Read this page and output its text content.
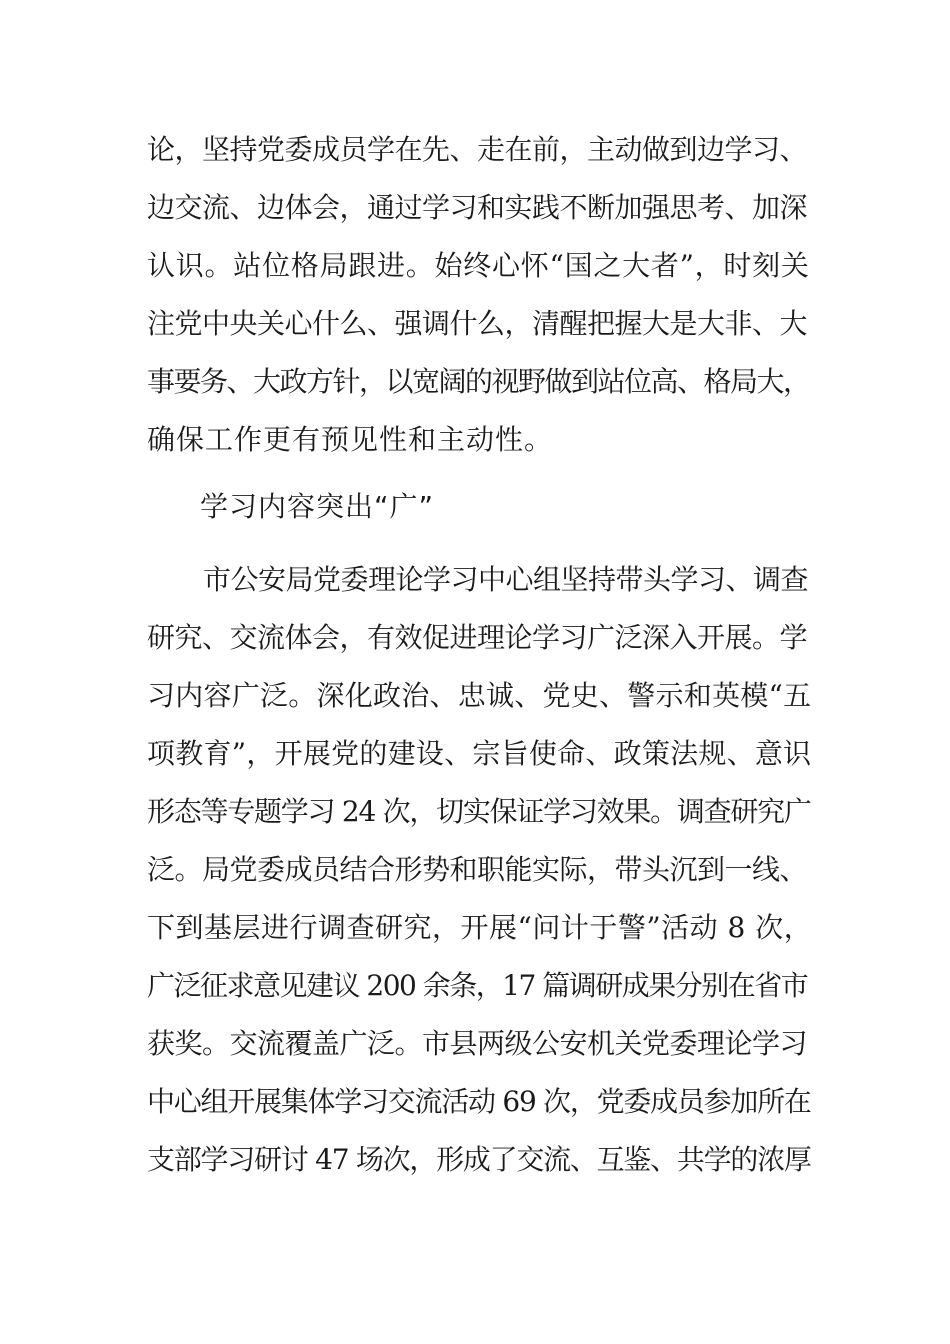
论，坚持党委成员学在先、走在前，主动做到边学习、
边交流、边体会，通过学习和实践不断加强思考、加深
认识。站位格局跟进。始终心怀“国之大者”，时刻关
注党中央关心什么、强调什么，清醒把握大是大非、大
事要务、大政方针，以宽阔的视野做到站位高、格局大，
确保工作更有预见性和主动性。
学习内容突出“广”
市公安局党委理论学习中心组坚持带头学习、调查
研究、交流体会，有效促进理论学习广泛深入开展。学
习内容广泛。深化政治、忠诚、党史、警示和英模“五
项教育”，开展党的建设、宗旨使命、政策法规、意识
形态等专题学习 24 次，切实保证学习效果。调查研究广
泛。局党委成员结合形势和职能实际，带头沉到一线、
下到基层进行调查研究，开展“问计于警”活动 8 次，
广泛征求意见建议 200 余条，17 篇调研成果分别在省市
获奖。交流覆盖广泛。市县两级公安机关党委理论学习
中心组开展集体学习交流活动 69 次，党委成员参加所在
支部学习研讨 47 场次，形成了交流、互鉴、共学的浓厚
